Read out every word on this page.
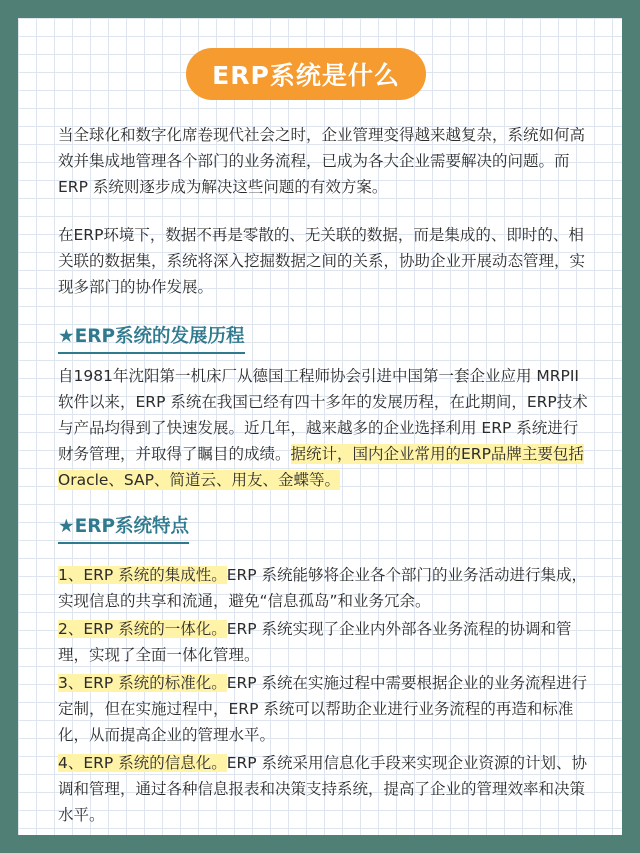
ERP系统是什么

当全球化和数字化席卷现代社会之时，企业管理变得越来越复杂，系统如何高效并集成地管理各个部门的业务流程，已成为各大企业需要解决的问题。而 ERP 系统则逐步成为解决这些问题的有效方案。

在ERP环境下，数据不再是零散的、无关联的数据，而是集成的、即时的、相关联的数据集，系统将深入挖掘数据之间的关系，协助企业开展动态管理，实现多部门的协作发展。

★ERP系统的发展历程

自1981年沈阳第一机床厂从德国工程师协会引进中国第一套企业应用 MRPII 软件以来，ERP 系统在我国已经有四十多年的发展历程，在此期间，ERP技术与产品均得到了快速发展。近几年，越来越多的企业选择利用 ERP 系统进行财务管理，并取得了瞩目的成绩。据统计，国内企业常用的ERP品牌主要包括 Oracle、SAP、简道云、用友、金蝶等。

★ERP系统特点

1、ERP 系统的集成性。ERP 系统能够将企业各个部门的业务活动进行集成，实现信息的共享和流通，避免“信息孤岛”和业务冗余。

2、ERP 系统的一体化。ERP 系统实现了企业内外部各业务流程的协调和管理，实现了全面一体化管理。

3、ERP 系统的标准化。ERP 系统在实施过程中需要根据企业的业务流程进行定制，但在实施过程中，ERP 系统可以帮助企业进行业务流程的再造和标准化，从而提高企业的管理水平。

4、ERP 系统的信息化。ERP 系统采用信息化手段来实现企业资源的计划、协调和管理，通过各种信息报表和决策支持系统，提高了企业的管理效率和决策水平。
